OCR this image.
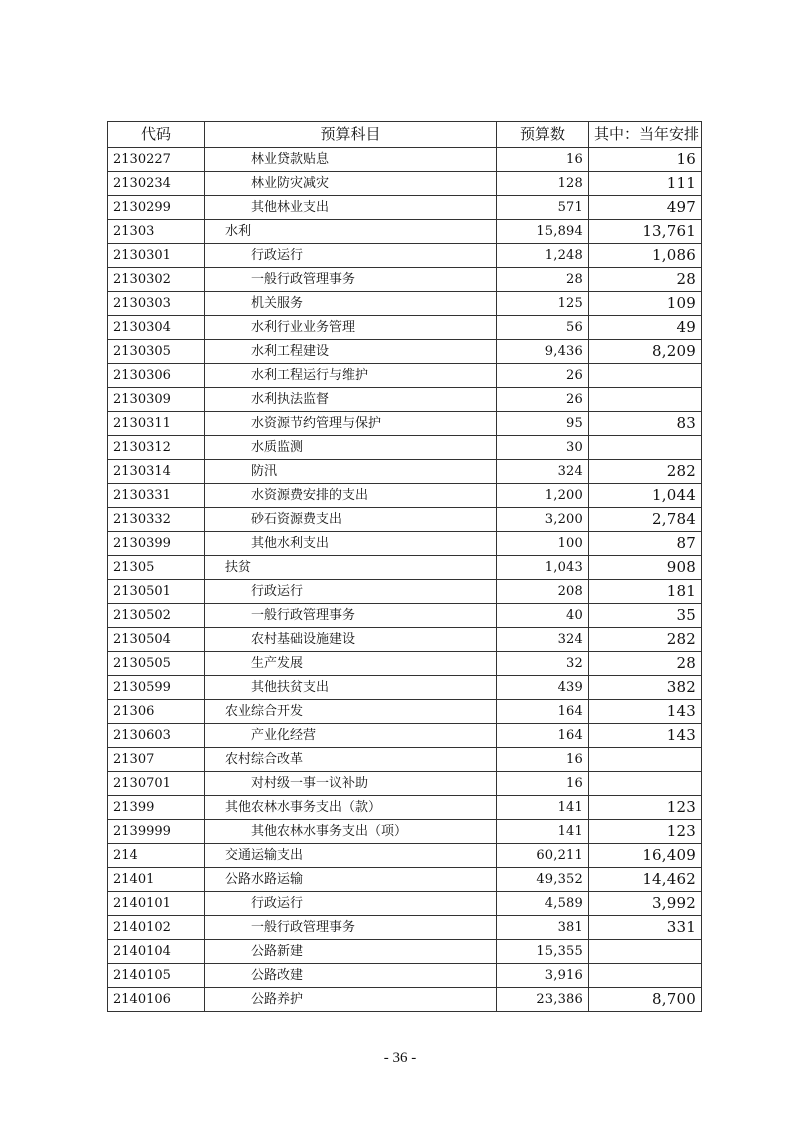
代码	预算科目	预算数	其中：当年安排
2130227	林业贷款贴息	16	16
2130234	林业防灾减灾	128	111
2130299	其他林业支出	571	497
21303	水利	15,894	13,761
2130301	行政运行	1,248	1,086
2130302	一般行政管理事务	28	28
2130303	机关服务	125	109
2130304	水利行业业务管理	56	49
2130305	水利工程建设	9,436	8,209
2130306	水利工程运行与维护	26	
2130309	水利执法监督	26	
2130311	水资源节约管理与保护	95	83
2130312	水质监测	30	
2130314	防汛	324	282
2130331	水资源费安排的支出	1,200	1,044
2130332	砂石资源费支出	3,200	2,784
2130399	其他水利支出	100	87
21305	扶贫	1,043	908
2130501	行政运行	208	181
2130502	一般行政管理事务	40	35
2130504	农村基础设施建设	324	282
2130505	生产发展	32	28
2130599	其他扶贫支出	439	382
21306	农业综合开发	164	143
2130603	产业化经营	164	143
21307	农村综合改革	16	
2130701	对村级一事一议补助	16	
21399	其他农林水事务支出（款）	141	123
2139999	其他农林水事务支出（项）	141	123
214	交通运输支出	60,211	16,409
21401	公路水路运输	49,352	14,462
2140101	行政运行	4,589	3,992
2140102	一般行政管理事务	381	331
2140104	公路新建	15,355	
2140105	公路改建	3,916	
2140106	公路养护	23,386	8,700
- 36 -
